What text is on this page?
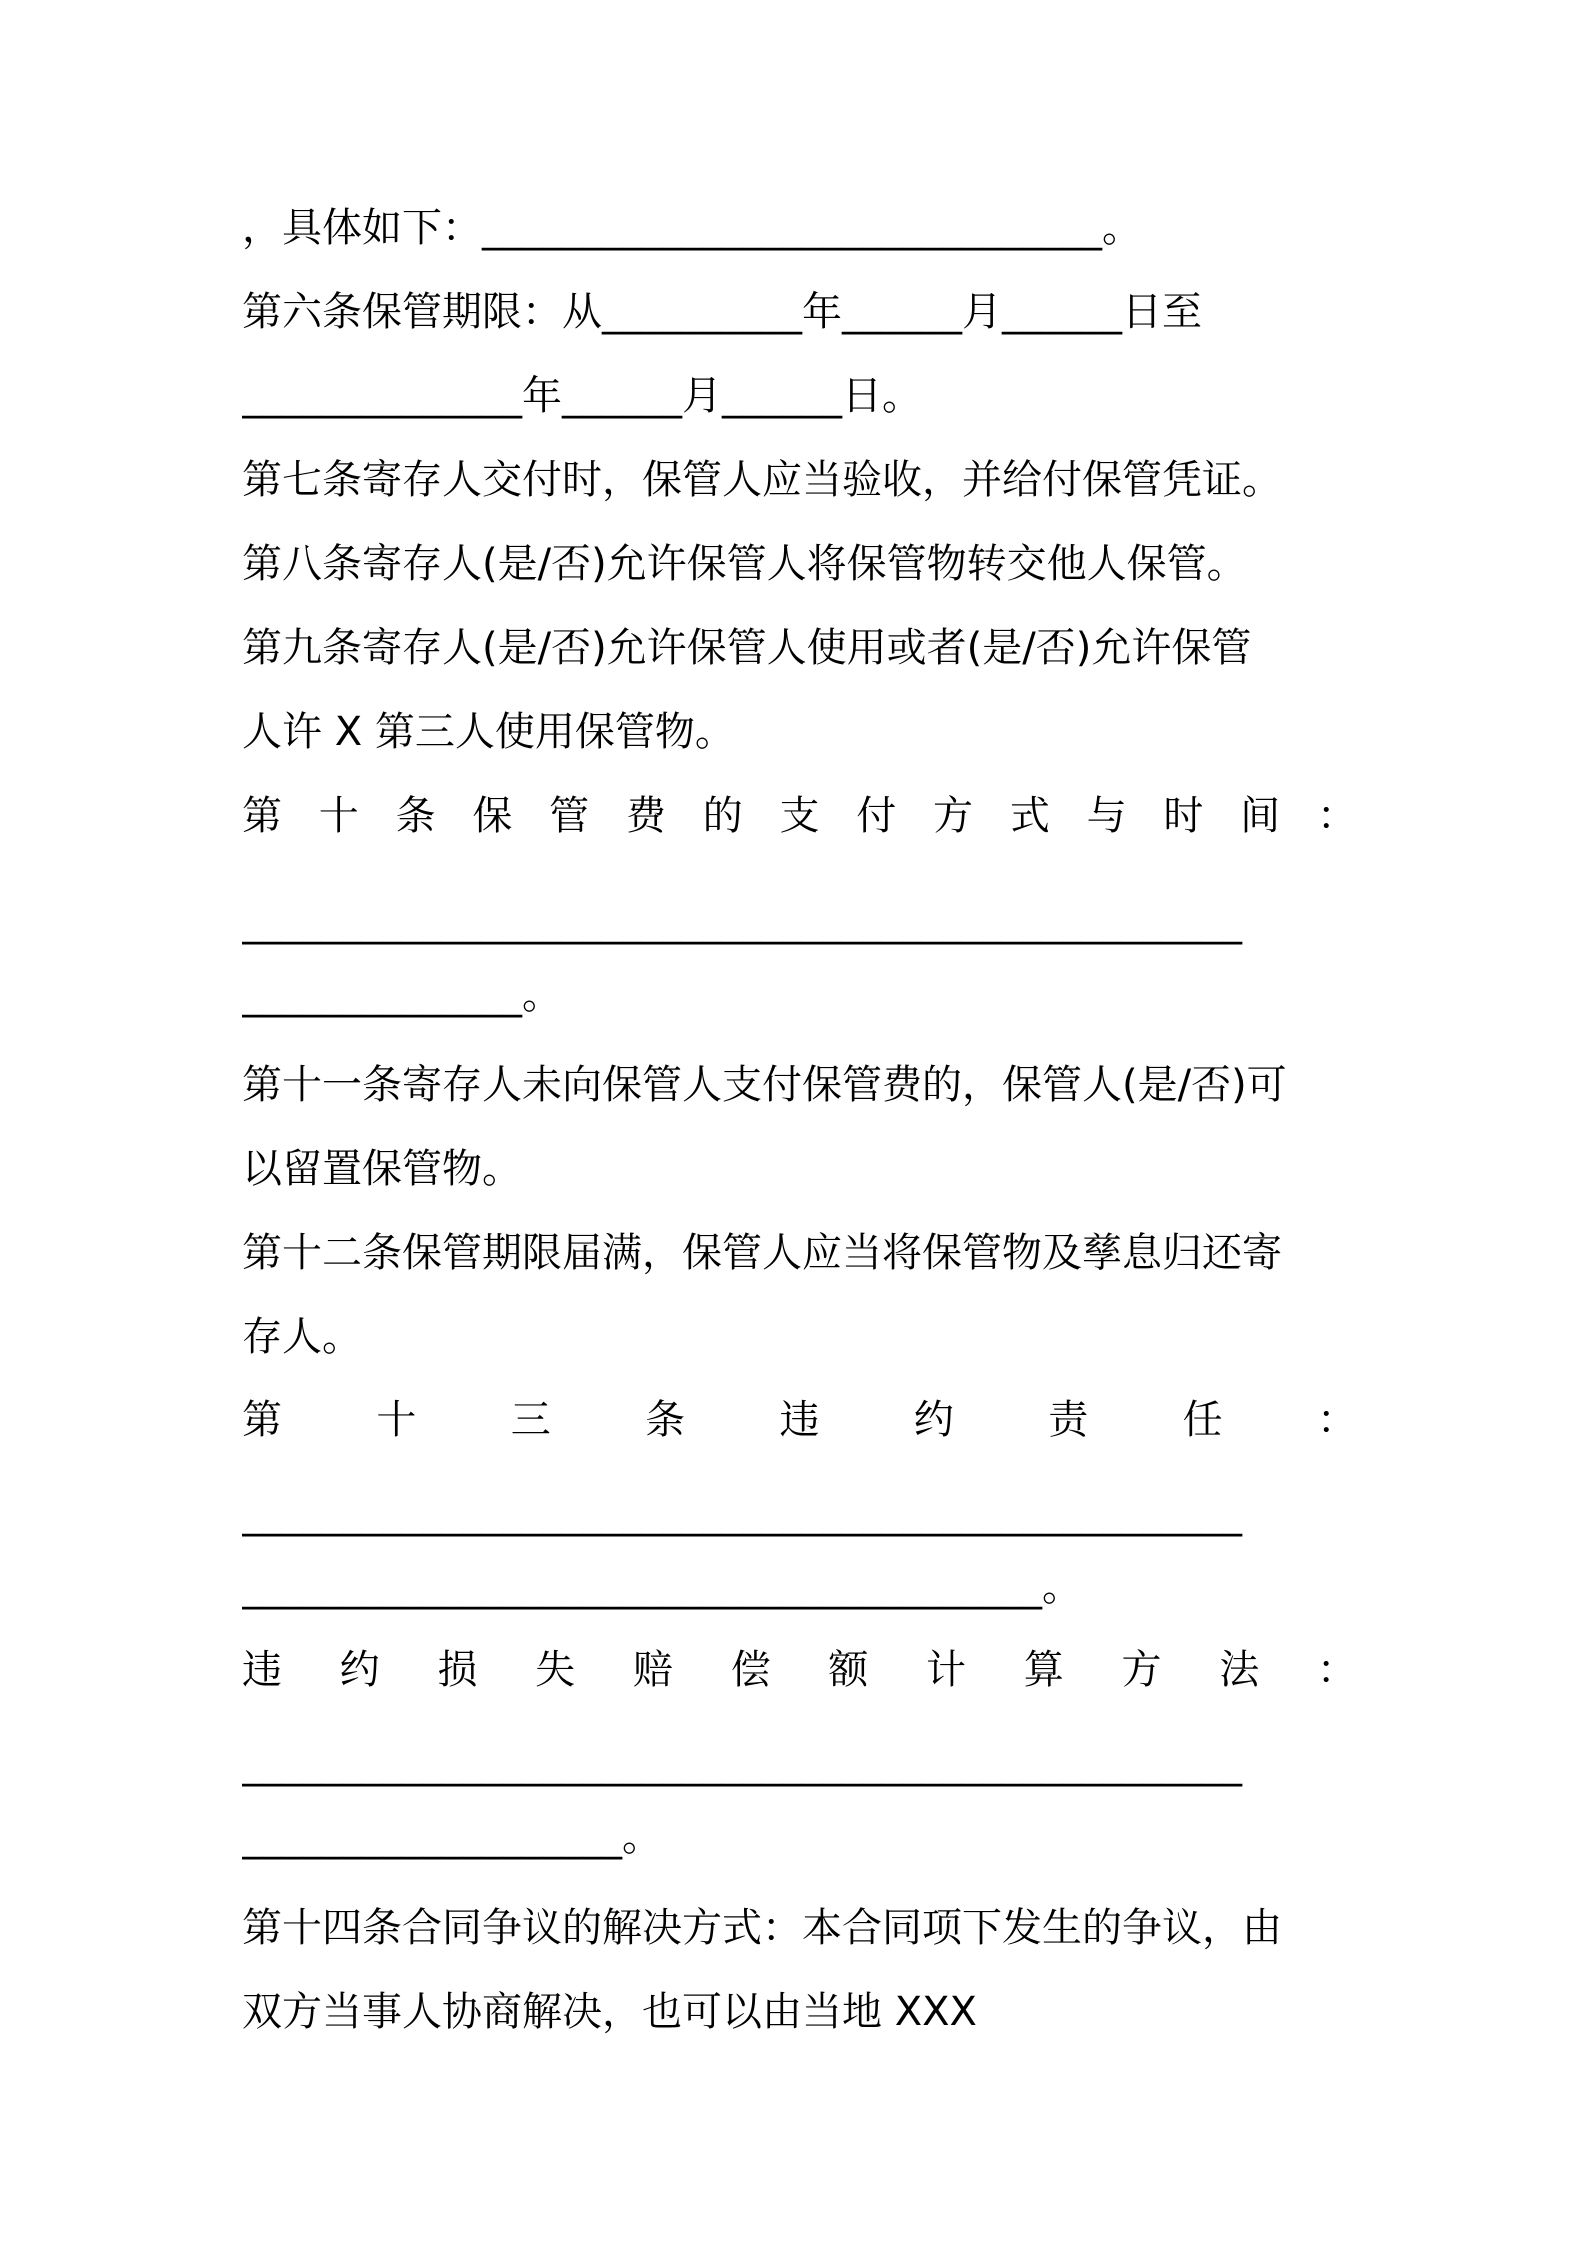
，具体如下：_______________________________。
第六条保管期限：从__________年______月______日至
______________年______月______日。
第七条寄存人交付时，保管人应当验收，并给付保管凭证。
第八条寄存人(是/否)允许保管人将保管物转交他人保管。
第九条寄存人(是/否)允许保管人使用或者(是/否)允许保管
人许 X 第三人使用保管物。
第 十 条 保 管 费 的 支 付 方 式 与 时 间 ：
__________________________________________________
______________。
第十一条寄存人未向保管人支付保管费的，保管人(是/否)可
以留置保管物。
第十二条保管期限届满，保管人应当将保管物及孳息归还寄
存人。
第 十 三 条 违 约 责 任 ：
__________________________________________________
________________________________________。
违 约 损 失 赔 偿 额 计 算 方 法 ：
__________________________________________________
___________________。
第十四条合同争议的解决方式：本合同项下发生的争议，由
双方当事人协商解决，也可以由当地 XXX
